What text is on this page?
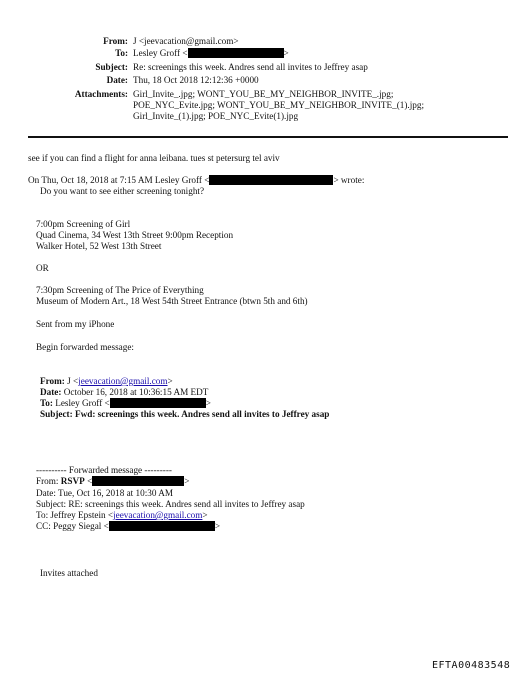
From: J <jeevacation@gmail.com>
To: Lesley Groff <	>
Subject: Re: screenings this week. Andres send all invites to Jeffrey asap
Date: Thu, 18 Oct 2018 12:12:36 +0000
Attachments: Girl_Invite_.jpg; WONT_YOU_BE_MY_NEIGHBOR_INVITE_.jpg;
POE_NYC_Evite.jpg; WONT_YOU_BE_MY_NEIGHBOR_INVITE_(1).jpg;
Girl_Invite_(1).jpg; POE_NYC_Evite(1).jpg
see if you can find a flight for anna leibana. tues st petersurg tel aviv
On Thu, Oct 18, 2018 at 7:15 AM Lesley Groff <	> wrote:
Do you want to see either screening tonight?
7:00pm Screening of Girl
Quad Cinema, 34 West 13th Street 9:00pm Reception
Walker Hotel, 52 West 13th Street
OR
7:30pm Screening of The Price of Everything
Museum of Modern Art., 18 West 54th Street Entrance (btwn 5th and 6th)
Sent from my iPhone
Begin forwarded message:
From: J <jeevacation@gmail.com>
Date: October 16, 2018 at 10:36:15 AM EDT
To: Lesley Groff <	>
Subject: Fwd: screenings this week. Andres send all invites to Jeffrey asap
---------- Forwarded message ---------
From: RSVP <	>
Date: Tue, Oct 16, 2018 at 10:30 AM
Subject: RE: screenings this week. Andres send all invites to Jeffrey asap
To: Jeffrey Epstein <jeevacation@gmail.com>
CC: Peggy Siegal <	>
Invites attached
EFTA00483548
